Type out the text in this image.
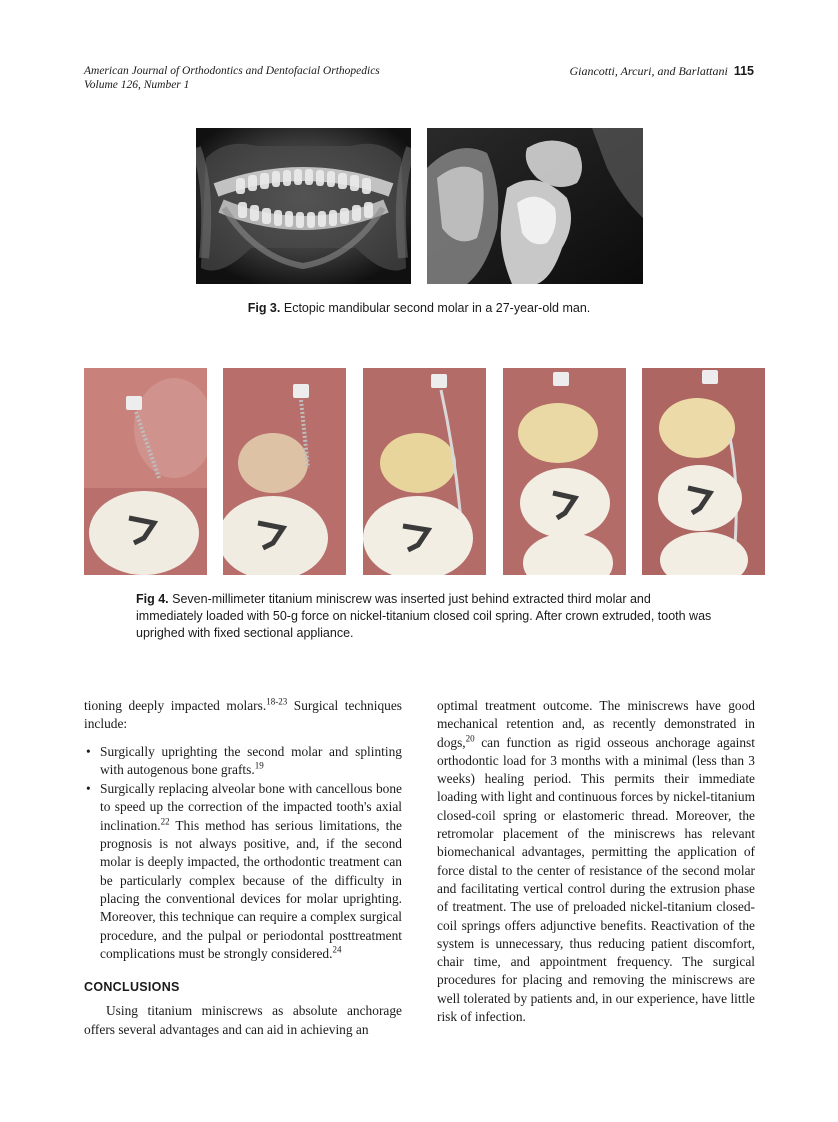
American Journal of Orthodontics and Dentofacial Orthopedics
Volume 126, Number 1
Giancotti, Arcuri, and Barlattani 115
Fig 3. Ectopic mandibular second molar in a 27-year-old man.
Fig 4. Seven-millimeter titanium miniscrew was inserted just behind extracted third molar and immediately loaded with 50-g force on nickel-titanium closed coil spring. After crown extruded, tooth was uprighed with fixed sectional appliance.

tioning deeply impacted molars.$^{18-23}$ Surgical techniques include:

• Surgically uprighting the second molar and splinting with autogenous bone grafts.$^{19}$
• Surgically replacing alveolar bone with cancellous bone to speed up the correction of the impacted tooth's axial inclination.$^{22}$ This method has serious limitations, the prognosis is not always positive, and, if the second molar is deeply impacted, the orthodontic treatment can be particularly complex because of the difficulty in placing the conventional devices for molar uprighting. Moreover, this technique can require a complex surgical procedure, and the pulpal or periodontal posttreatment complications must be strongly considered.$^{24}$
CONCLUSIONS

Using titanium miniscrews as absolute anchorage offers several advantages and can aid in achieving an

optimal treatment outcome. The miniscrews have good mechanical retention and, as recently demonstrated in dogs,$^{20}$ can function as rigid osseous anchorage against orthodontic load for 3 months with a minimal (less than 3 weeks) healing period. This permits their immediate loading with light and continuous forces by nickel-titanium closed-coil spring or elastomeric thread. Moreover, the retromolar placement of the miniscrews has relevant biomechanical advantages, permitting the application of force distal to the center of resistance of the second molar and facilitating vertical control during the extrusion phase of treatment. The use of preloaded nickel-titanium closed-coil springs offers adjunctive benefits. Reactivation of the system is unnecessary, thus reducing patient discomfort, chair time, and appointment frequency. The surgical procedures for placing and removing the miniscrews are well tolerated by patients and, in our experience, have little risk of infection.
